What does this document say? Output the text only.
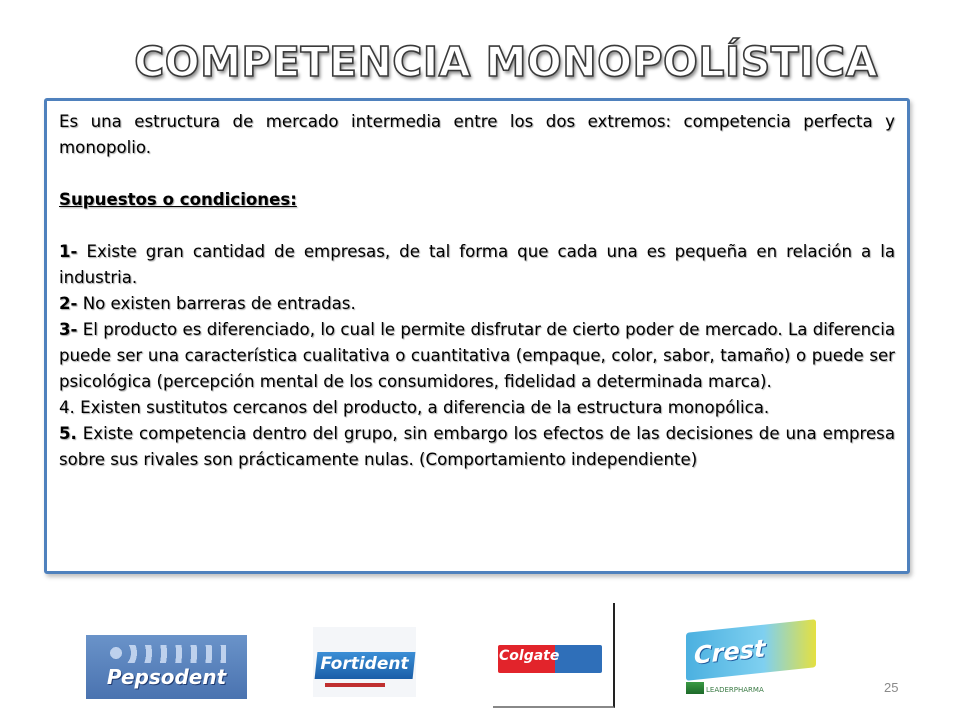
COMPETENCIA MONOPOLÍSTICA

Es una estructura de mercado intermedia entre los dos extremos: competencia perfecta y monopolio.

Supuestos o condiciones:

1- Existe gran cantidad de empresas, de tal forma que cada una es pequeña en relación a la industria.

2- No existen barreras de entradas.

3- El producto es diferenciado, lo cual le permite disfrutar de cierto poder de mercado. La diferencia puede ser una característica cualitativa o cuantitativa (empaque, color, sabor, tamaño) o puede ser psicológica (percepción mental de los consumidores, fidelidad a determinada marca).

4. Existen sustitutos cercanos del producto, a diferencia de la estructura monopólica.

5. Existe competencia dentro del grupo, sin embargo los efectos de las decisiones de una empresa sobre sus rivales son prácticamente nulas. (Comportamiento independiente)

Pepsodent
Fortident	Colgate	Crest
LEADERPHARMA	25
